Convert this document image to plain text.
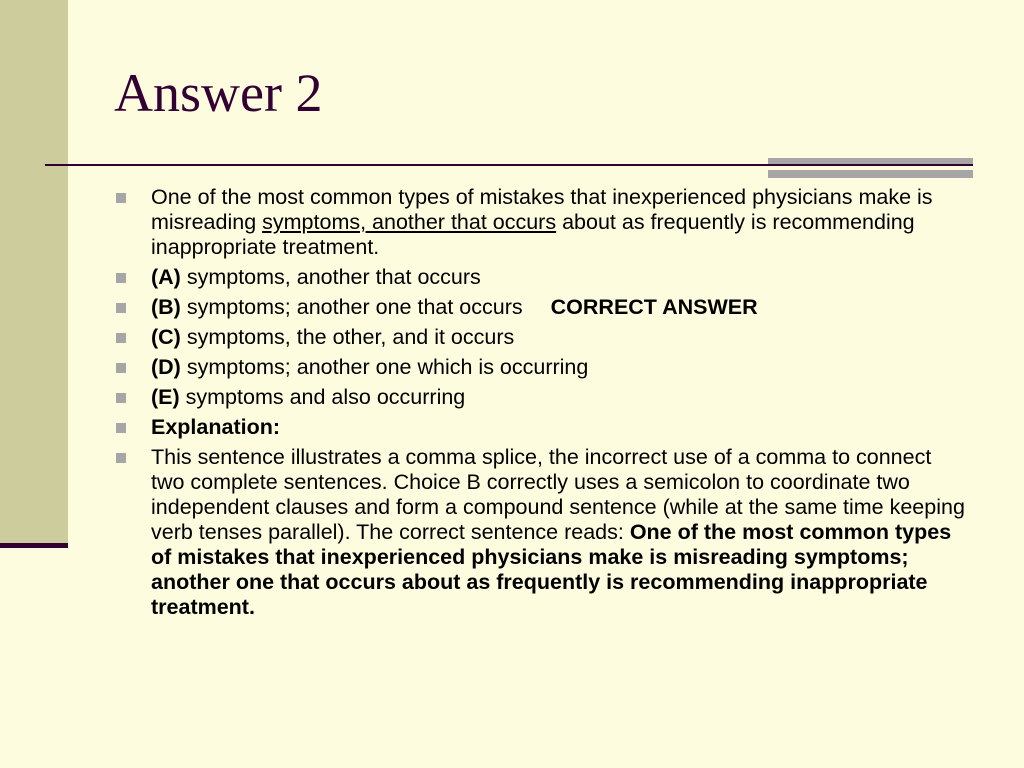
Answer 2
One of the most common types of mistakes that inexperienced physicians make is misreading symptoms, another that occurs about as frequently is recommending inappropriate treatment.
(A) symptoms, another that occurs
(B) symptoms; another one that occurs CORRECT ANSWER
(C) symptoms, the other, and it occurs
(D) symptoms; another one which is occurring
(E) symptoms and also occurring
Explanation:
This sentence illustrates a comma splice, the incorrect use of a comma to connect two complete sentences. Choice B correctly uses a semicolon to coordinate two independent clauses and form a compound sentence (while at the same time keeping verb tenses parallel). The correct sentence reads: One of the most common types of mistakes that inexperienced physicians make is misreading symptoms; another one that occurs about as frequently is recommending inappropriate treatment.
